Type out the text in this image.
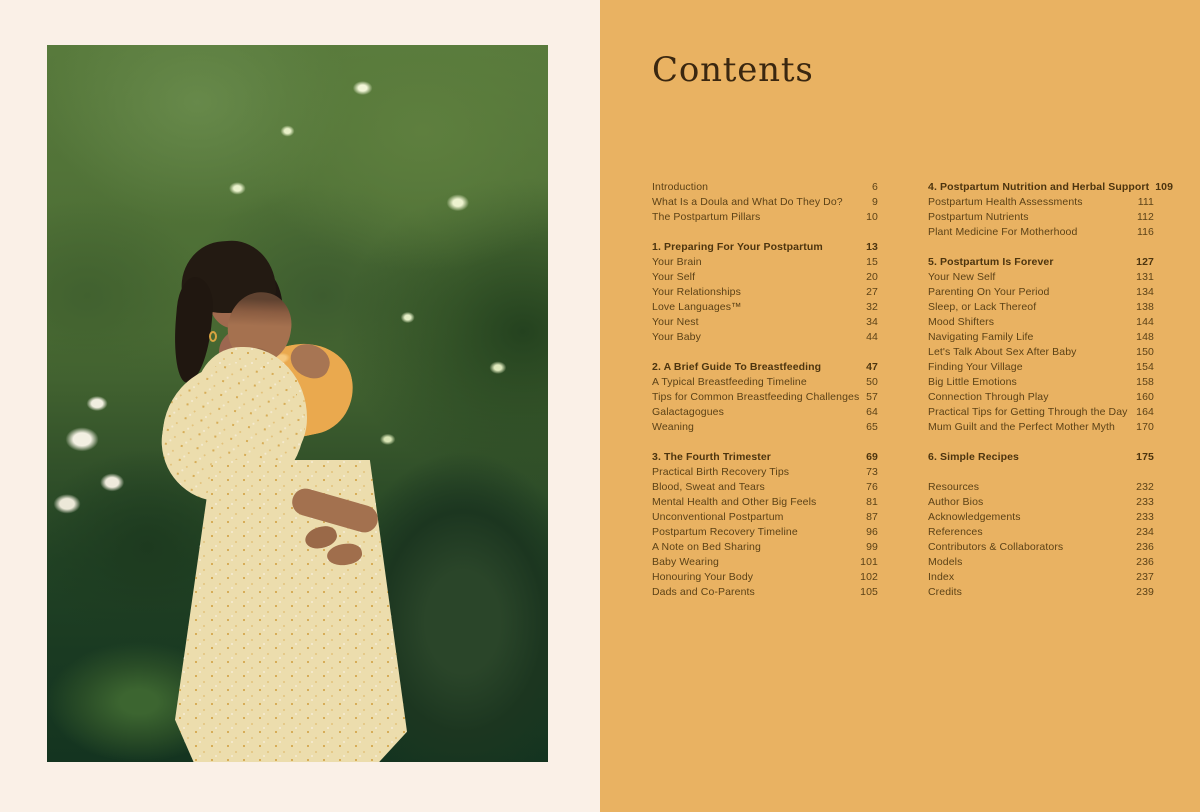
Contents
Introduction	6
What Is a Doula and What Do They Do?	9
The Postpartum Pillars	10
1. Preparing For Your Postpartum	13
Your Brain	15
Your Self	20
Your Relationships	27
Love Languages™	32
Your Nest	34
Your Baby	44
2. A Brief Guide To Breastfeeding	47
A Typical Breastfeeding Timeline	50
Tips for Common Breastfeeding Challenges 57
Galactagogues	64
Weaning	65
3. The Fourth Trimester	69
Practical Birth Recovery Tips	73
Blood, Sweat and Tears	76
Mental Health and Other Big Feels	81
Unconventional Postpartum	87
Postpartum Recovery Timeline	96
A Note on Bed Sharing	99
Baby Wearing	101
Honouring Your Body	102
Dads and Co-Parents	105
4. Postpartum Nutrition and Herbal Support 109
Postpartum Health Assessments	111
Postpartum Nutrients	112
Plant Medicine For Motherhood	116
5. Postpartum Is Forever	127
Your New Self	131
Parenting On Your Period	134
Sleep, or Lack Thereof	138
Mood Shifters	144
Navigating Family Life	148
Let's Talk About Sex After Baby	150
Finding Your Village	154
Big Little Emotions	158
Connection Through Play	160
Practical Tips for Getting Through the Day 164
Mum Guilt and the Perfect Mother Myth 170
6. Simple Recipes	175
Resources	232
Author Bios	233
Acknowledgements	233
References	234
Contributors & Collaborators	236
Models	236
Index	237
Credits	239
